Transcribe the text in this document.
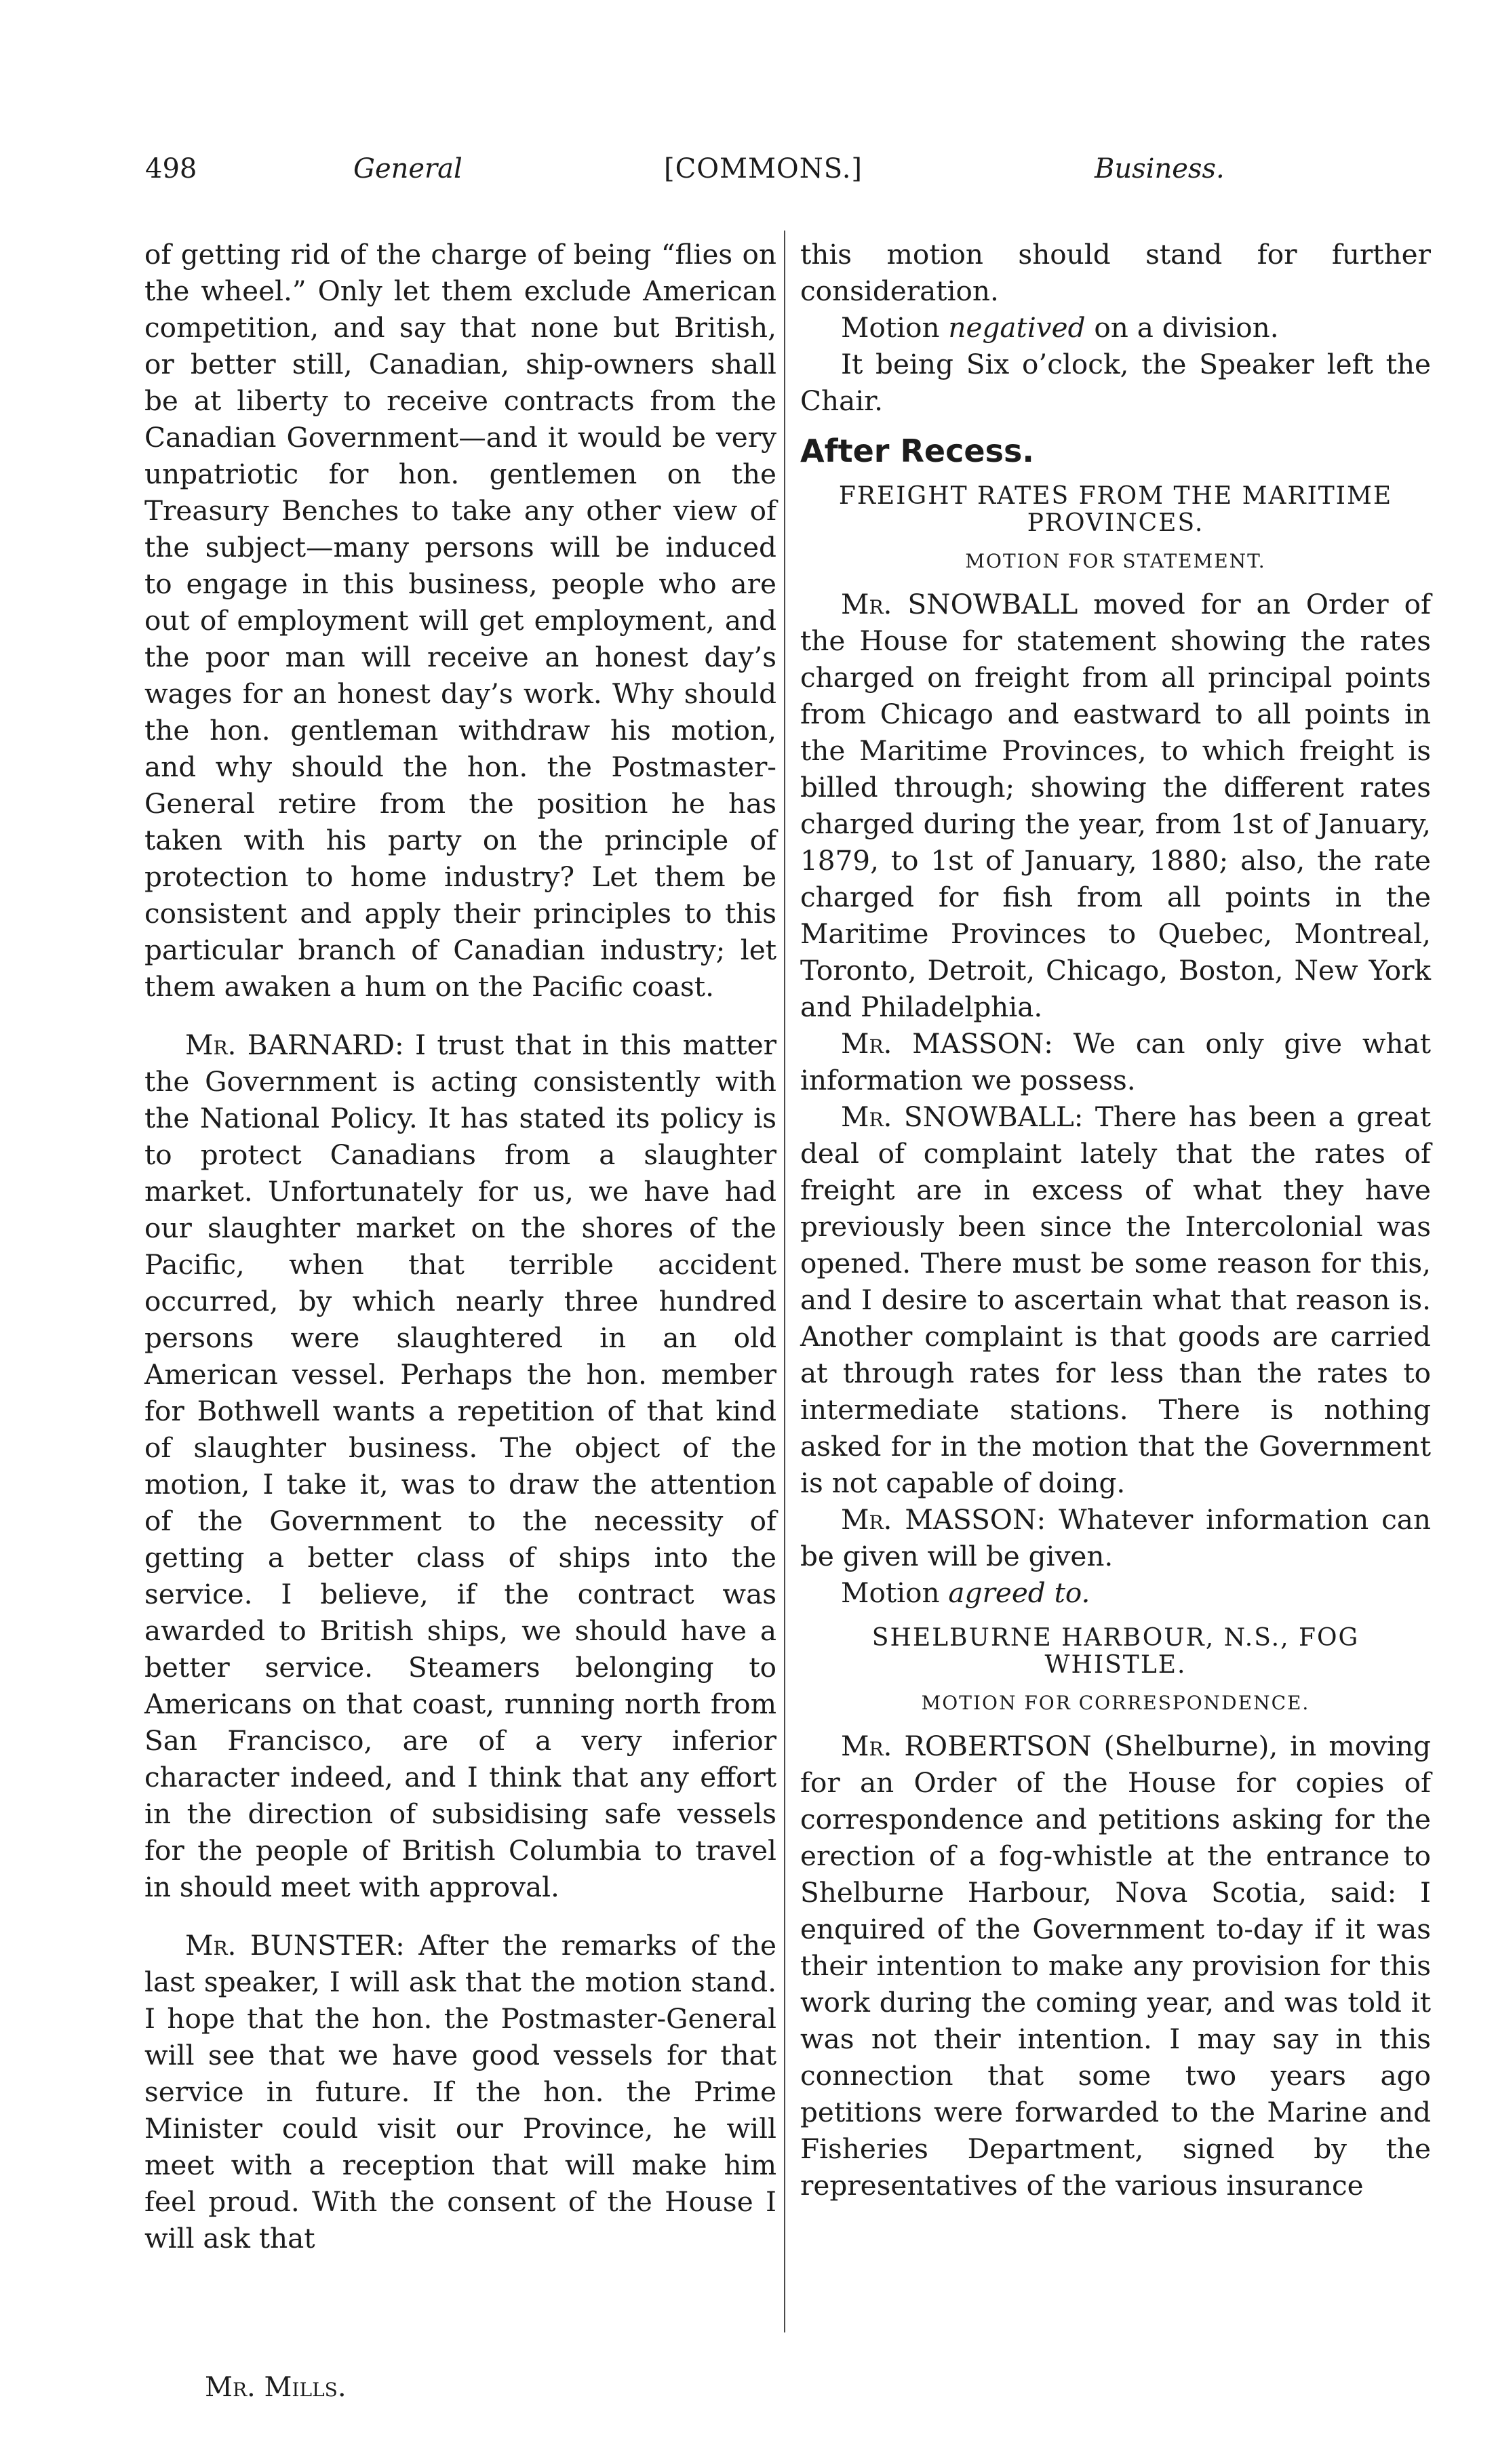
498	General	[COMMONS.]	Business.

of getting rid of the charge of being “flies on the wheel.” Only let them exclude American competition, and say that none but British, or better still, Canadian, ship-owners shall be at liberty to receive contracts from the Canadian Government—and it would be very unpatriotic for hon. gentlemen on the Treasury Benches to take any other view of the subject—many persons will be induced to engage in this business, people who are out of employment will get employment, and the poor man will receive an honest day’s wages for an honest day’s work. Why should the hon. gentleman withdraw his motion, and why should the hon. the Postmaster-General retire from the position he has taken with his party on the principle of protection to home industry? Let them be consistent and apply their principles to this particular branch of Canadian industry; let them awaken a hum on the Pacific coast.

Mr. BARNARD: I trust that in this matter the Government is acting consistently with the National Policy. It has stated its policy is to protect Canadians from a slaughter market. Unfortunately for us, we have had our slaughter market on the shores of the Pacific, when that terrible accident occurred, by which nearly three hundred persons were slaughtered in an old American vessel. Perhaps the hon. member for Bothwell wants a repetition of that kind of slaughter business. The object of the motion, I take it, was to draw the attention of the Government to the necessity of getting a better class of ships into the service. I believe, if the contract was awarded to British ships, we should have a better service. Steamers belonging to Americans on that coast, running north from San Francisco, are of a very inferior character indeed, and I think that any effort in the direction of subsidising safe vessels for the people of British Columbia to travel in should meet with approval.

Mr. BUNSTER: After the remarks of the last speaker, I will ask that the motion stand. I hope that the hon. the Postmaster-General will see that we have good vessels for that service in future. If the hon. the Prime Minister could visit our Province, he will meet with a reception that will make him feel proud. With the consent of the House I will ask that

this motion should stand for further consideration.

Motion negatived on a division.

It being Six o’clock, the Speaker left the Chair.

After Recess.

FREIGHT RATES FROM THE MARITIME PROVINCES.

MOTION FOR STATEMENT.

Mr. SNOWBALL moved for an Order of the House for statement showing the rates charged on freight from all principal points from Chicago and eastward to all points in the Maritime Provinces, to which freight is billed through; showing the different rates charged during the year, from 1st of January, 1879, to 1st of January, 1880; also, the rate charged for fish from all points in the Maritime Provinces to Quebec, Montreal, Toronto, Detroit, Chicago, Boston, New York and Philadelphia.

Mr. MASSON: We can only give what information we possess.

Mr. SNOWBALL: There has been a great deal of complaint lately that the rates of freight are in excess of what they have previously been since the Intercolonial was opened. There must be some reason for this, and I desire to ascertain what that reason is. Another complaint is that goods are carried at through rates for less than the rates to intermediate stations. There is nothing asked for in the motion that the Government is not capable of doing.

Mr. MASSON: Whatever information can be given will be given.

Motion agreed to.

SHELBURNE HARBOUR, N.S., FOG WHISTLE.

MOTION FOR CORRESPONDENCE.

Mr. ROBERTSON (Shelburne), in moving for an Order of the House for copies of correspondence and petitions asking for the erection of a fog-whistle at the entrance to Shelburne Harbour, Nova Scotia, said: I enquired of the Government to-day if it was their intention to make any provision for this work during the coming year, and was told it was not their intention. I may say in this connection that some two years ago petitions were forwarded to the Marine and Fisheries Department, signed by the representatives of the various insurance

Mr. Mills.
